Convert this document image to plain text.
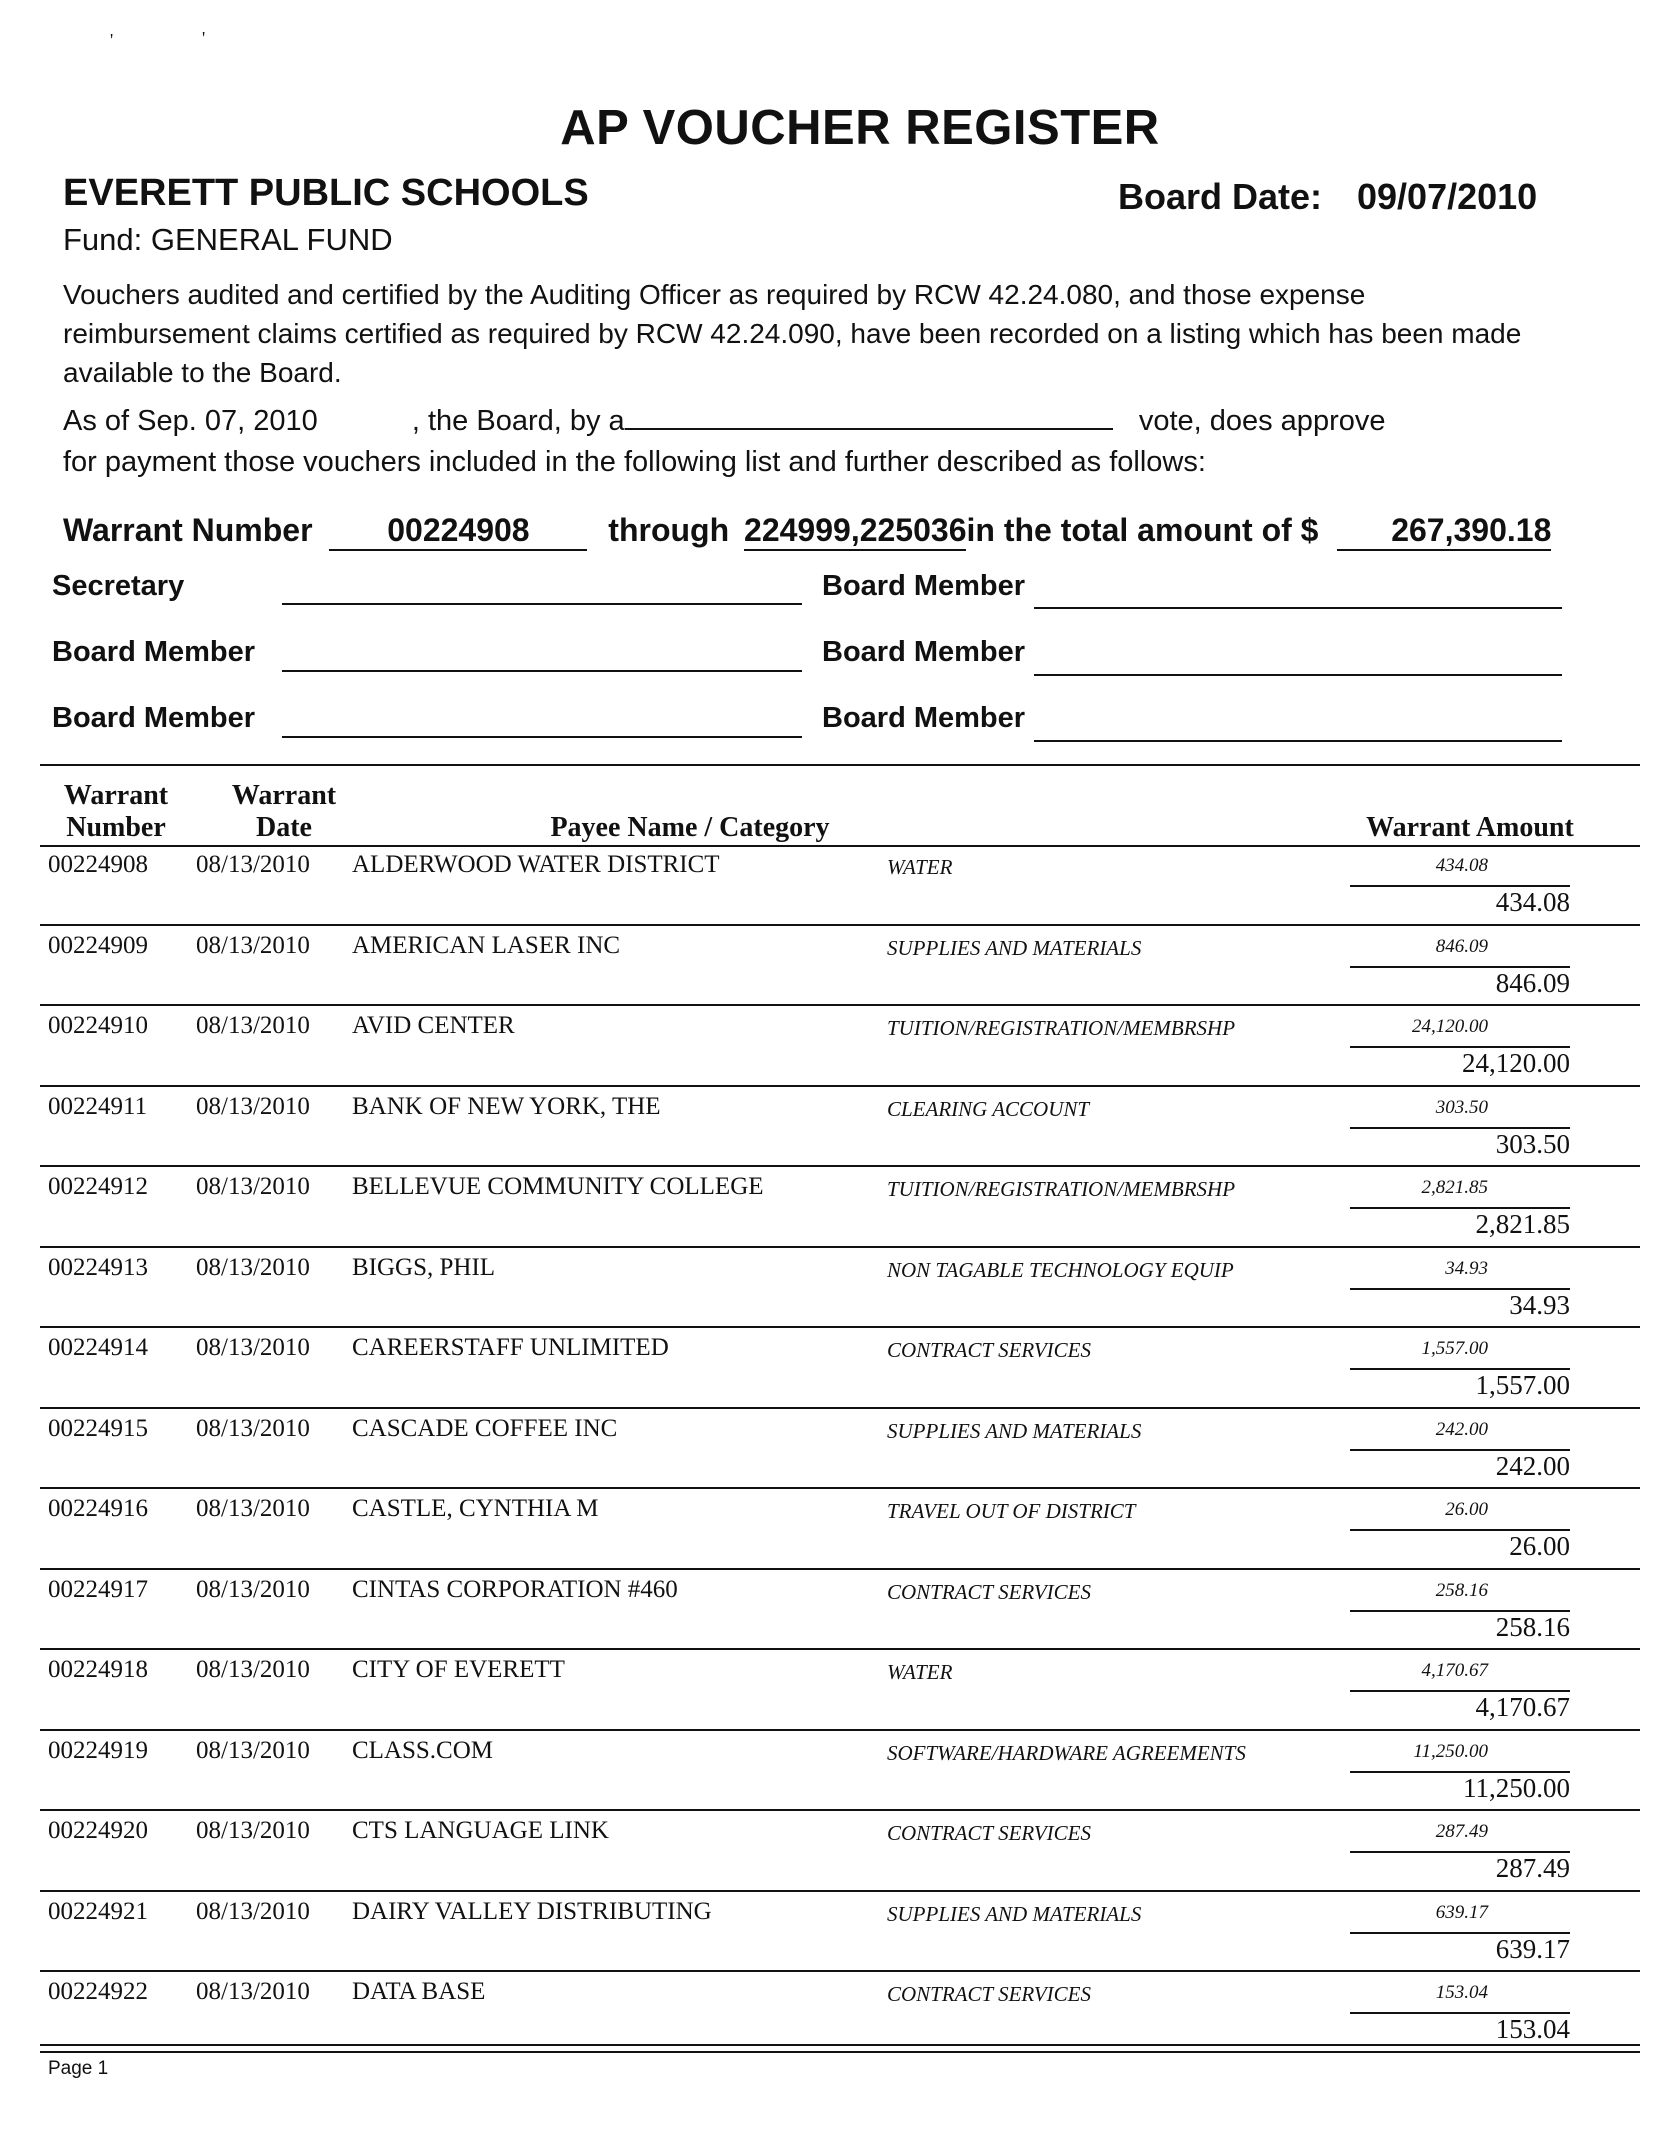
'	'
AP VOUCHER REGISTER
EVERETT PUBLIC SCHOOLS	Board Date: 09/07/2010
Fund: GENERAL FUND
Vouchers audited and certified by the Auditing Officer as required by RCW 42.24.080, and those expense reimbursement claims certified as required by RCW 42.24.090, have been recorded on a listing which has been made available to the Board.
As of Sep. 07, 2010	, the Board, by a	vote, does approve
for payment those vouchers included in the following list and further described as follows:
Warrant Number 00224908 through 224999,225036in the total amount of $ 267,390.18
Secretary	Board Member
Board Member	Board Member
Board Member	Board Member
Warrant
Number
Warrant
Date	Payee Name / Category	Warrant Amount
00224908 08/13/2010 ALDERWOOD WATER DISTRICT	WATER	434.08
434.08
00224909 08/13/2010 AMERICAN LASER INC	SUPPLIES AND MATERIALS	846.09
846.09
00224910 08/13/2010 AVID CENTER	TUITION/REGISTRATION/MEMBRSHP	24,120.00
24,120.00
00224911 08/13/2010 BANK OF NEW YORK, THE	CLEARING ACCOUNT	303.50
303.50
00224912 08/13/2010 BELLEVUE COMMUNITY COLLEGE	TUITION/REGISTRATION/MEMBRSHP	2,821.85
2,821.85
00224913 08/13/2010 BIGGS, PHIL	NON TAGABLE TECHNOLOGY EQUIP	34.93
34.93
00224914 08/13/2010 CAREERSTAFF UNLIMITED	CONTRACT SERVICES	1,557.00
1,557.00
00224915 08/13/2010 CASCADE COFFEE INC	SUPPLIES AND MATERIALS	242.00
242.00
00224916 08/13/2010 CASTLE, CYNTHIA M	TRAVEL OUT OF DISTRICT	26.00
26.00
00224917 08/13/2010 CINTAS CORPORATION #460	CONTRACT SERVICES	258.16
258.16
00224918 08/13/2010 CITY OF EVERETT	WATER	4,170.67
4,170.67
00224919 08/13/2010 CLASS.COM	SOFTWARE/HARDWARE AGREEMENTS	11,250.00
11,250.00
00224920 08/13/2010 CTS LANGUAGE LINK	CONTRACT SERVICES	287.49
287.49
00224921 08/13/2010 DAIRY VALLEY DISTRIBUTING	SUPPLIES AND MATERIALS	639.17
639.17
00224922 08/13/2010 DATA BASE	CONTRACT SERVICES	153.04
153.04
Page 1
